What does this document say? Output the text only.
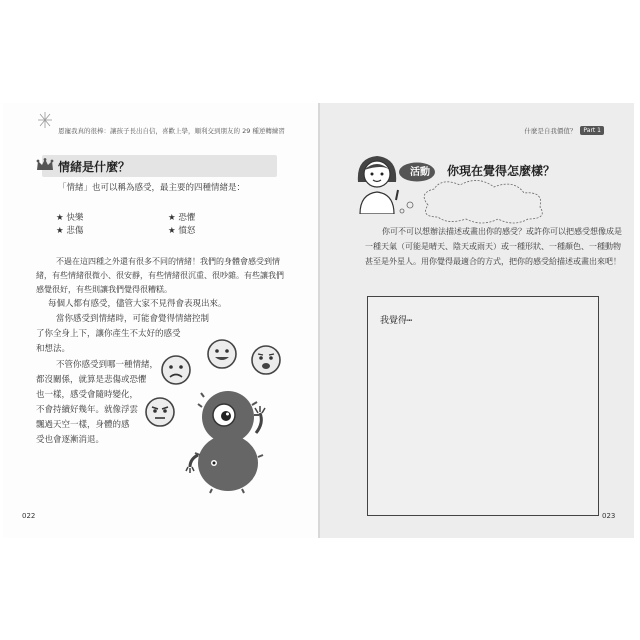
恩寵我真的很棒：讓孩子長出自信，喜歡上學，順利交到朋友的 29 種逆轉練習
情緒是什麼？
「情緒」也可以稱為感受，最主要的四種情緒是：
★ 快樂	★ 恐懼
★ 悲傷	★ 憤怒
不過在這四種之外還有很多不同的情緒！我們的身體會感受到情
緒，有些情緒很微小、很安靜，有些情緒很沉重、很吵雜。有些讓我們
感覺很好，有些則讓我們覺得很糟糕。
每個人都有感受，儘管大家不見得會表現出來。
當你感受到情緒時，可能會覺得情緒控制
了你全身上下，讓你產生不太好的感受
和想法。
不管你感受到哪一種情緒，
都沒關係，就算是悲傷或恐懼
也一樣，感受會隨時變化，
不會持續好幾年。就像浮雲
飄過天空一樣，身體的感
受也會逐漸消退。
022
什麼是自我價值？	Part 1
活動 你現在覺得怎麼樣？
你可不可以想辦法描述或畫出你的感受？或許你可以把感受想像成是
一種天氣（可能是晴天、陰天或雨天）或一種形狀、一種顏色、一種動物
甚至是外星人。用你覺得最適合的方式，把你的感受給描述或畫出來吧！
我覺得⋯
023
